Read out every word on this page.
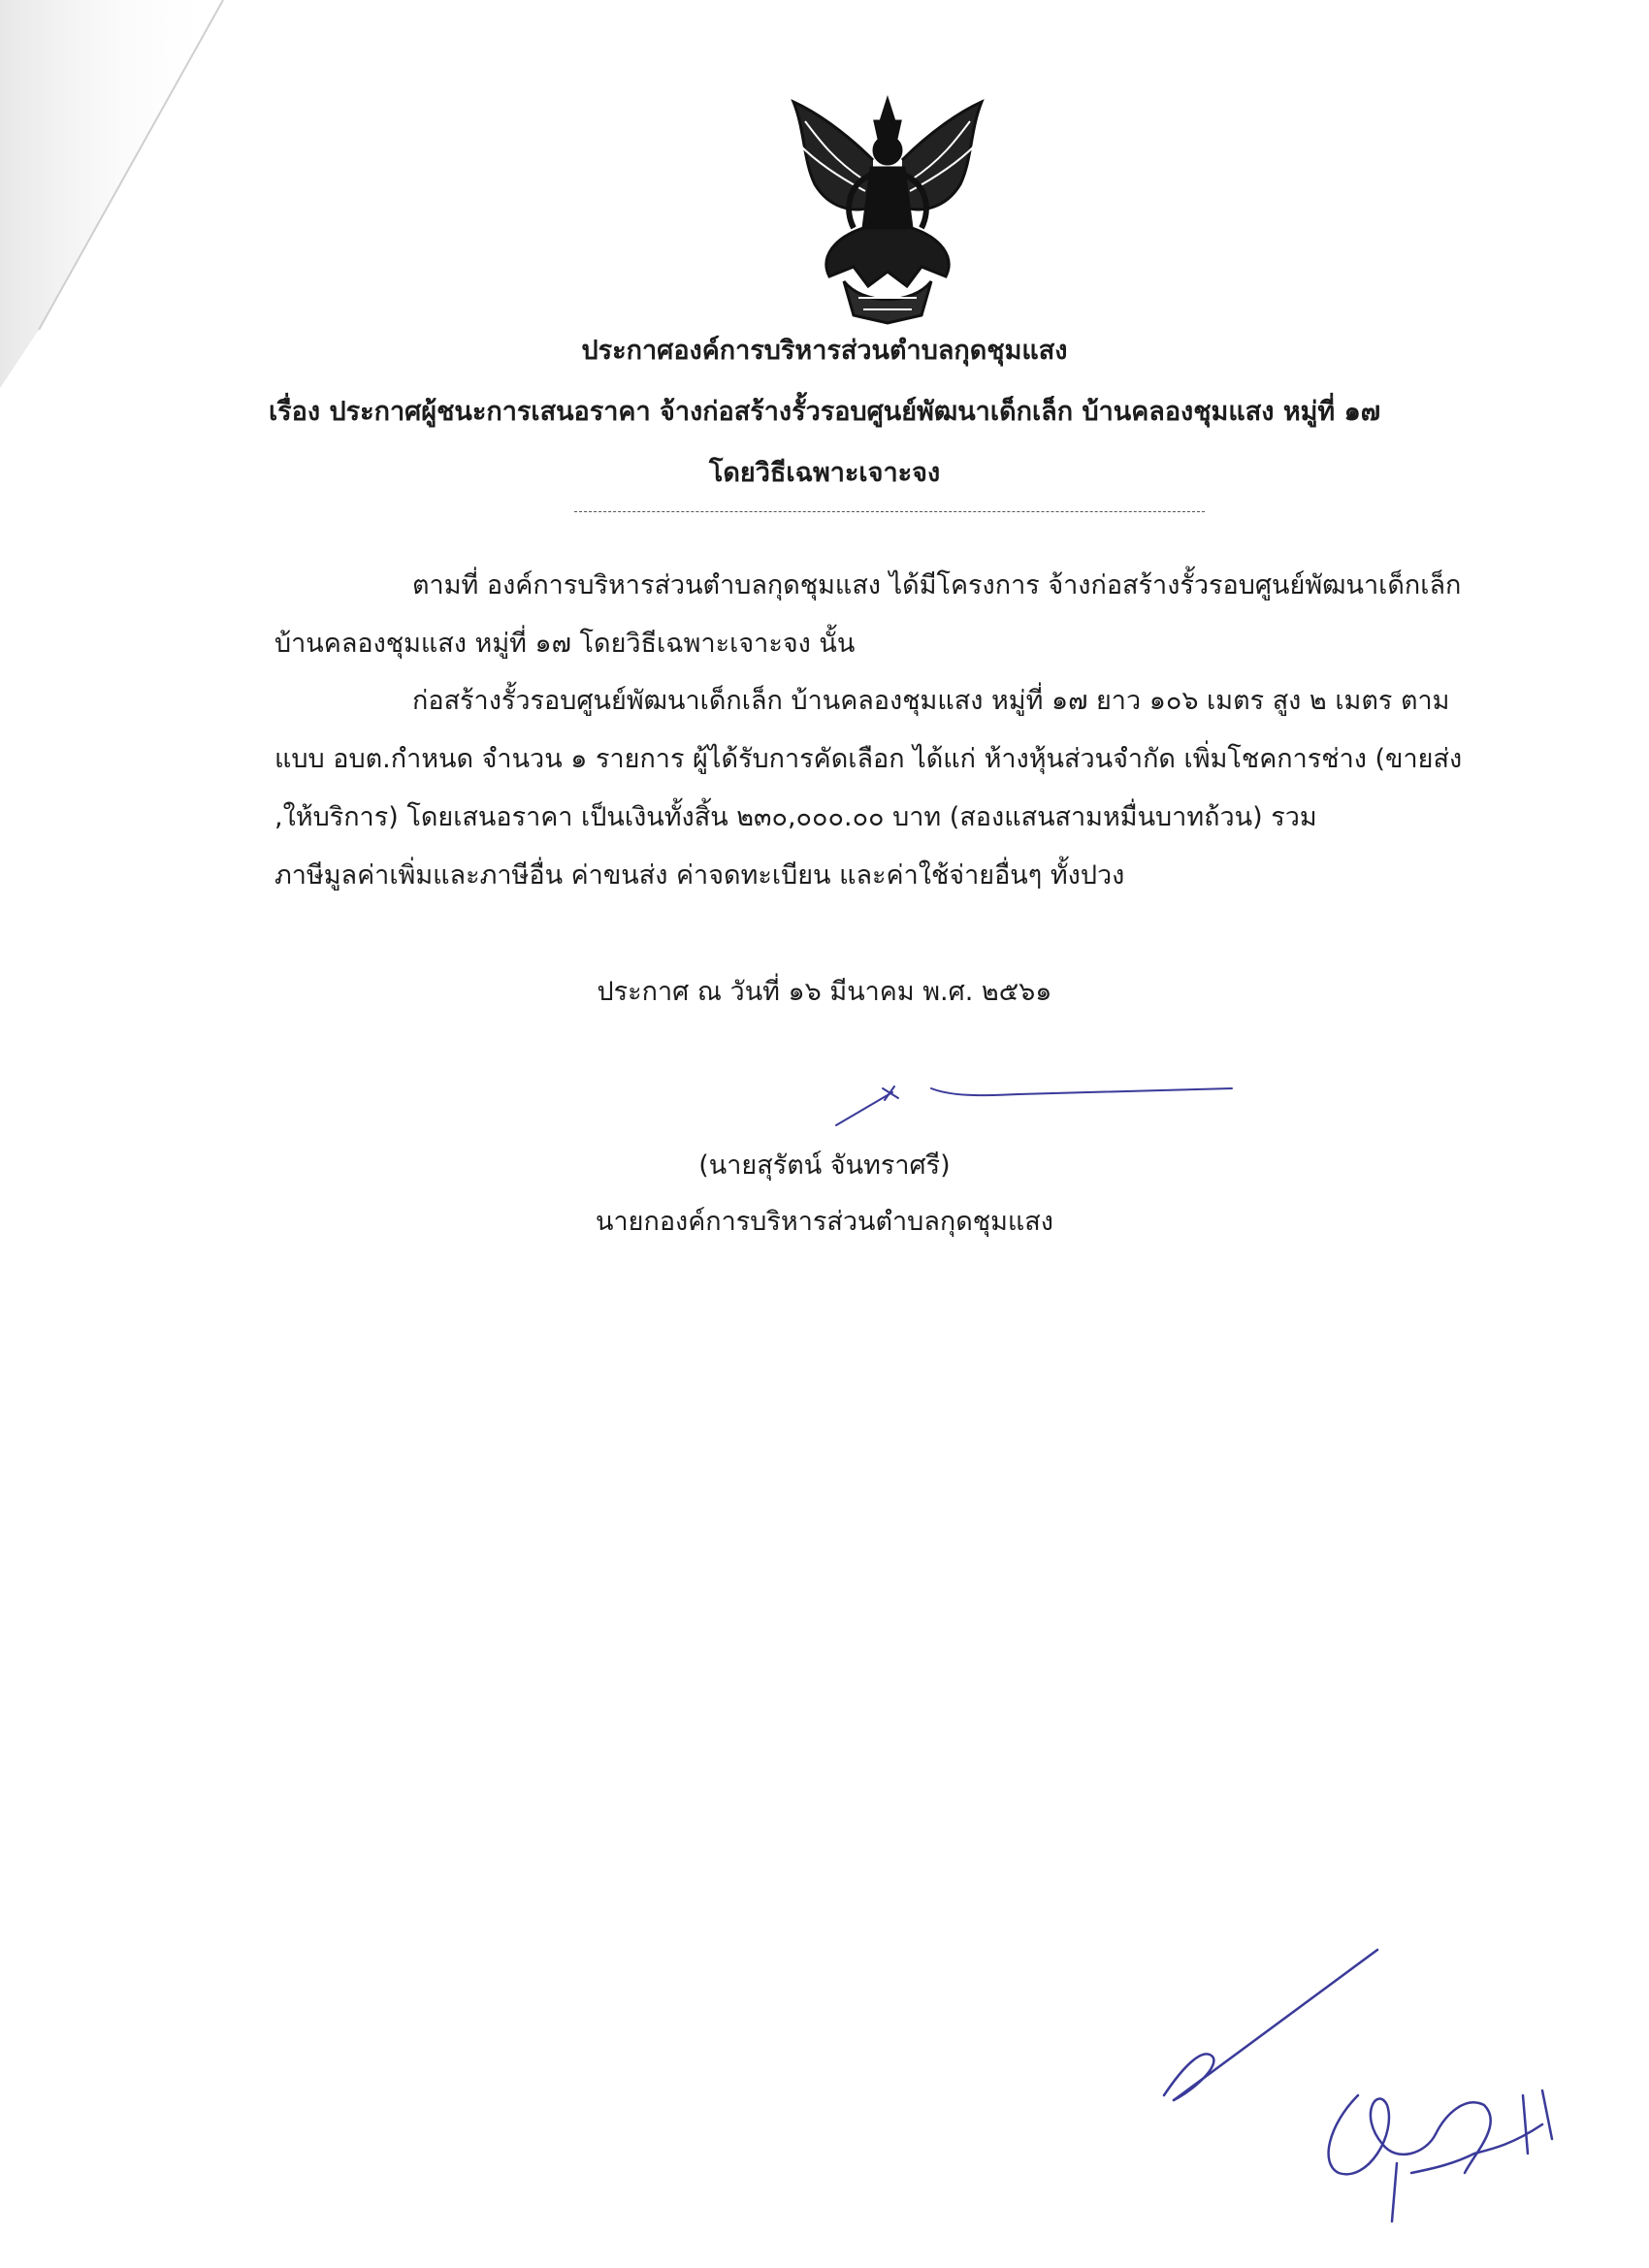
ประกาศองค์การบริหารส่วนตำบลกุดชุมแสง
เรื่อง ประกาศผู้ชนะการเสนอราคา จ้างก่อสร้างรั้วรอบศูนย์พัฒนาเด็กเล็ก บ้านคลองชุมแสง หมู่ที่ ๑๗
โดยวิธีเฉพาะเจาะจง
ตามที่ องค์การบริหารส่วนตำบลกุดชุมแสง ได้มีโครงการ จ้างก่อสร้างรั้วรอบศูนย์พัฒนาเด็กเล็ก
บ้านคลองชุมแสง หมู่ที่ ๑๗ โดยวิธีเฉพาะเจาะจง นั้น
ก่อสร้างรั้วรอบศูนย์พัฒนาเด็กเล็ก บ้านคลองชุมแสง หมู่ที่ ๑๗ ยาว ๑๐๖ เมตร สูง ๒ เมตร ตาม
แบบ อบต.กำหนด จำนวน ๑ รายการ ผู้ได้รับการคัดเลือก ได้แก่ ห้างหุ้นส่วนจำกัด เพิ่มโชคการช่าง (ขายส่ง
,ให้บริการ) โดยเสนอราคา เป็นเงินทั้งสิ้น ๒๓๐,๐๐๐.๐๐ บาท (สองแสนสามหมื่นบาทถ้วน) รวม
ภาษีมูลค่าเพิ่มและภาษีอื่น ค่าขนส่ง ค่าจดทะเบียน และค่าใช้จ่ายอื่นๆ ทั้งปวง
ประกาศ ณ วันที่ ๑๖ มีนาคม พ.ศ. ๒๕๖๑
(นายสุรัตน์ จันทราศรี)
นายกองค์การบริหารส่วนตำบลกุดชุมแสง
